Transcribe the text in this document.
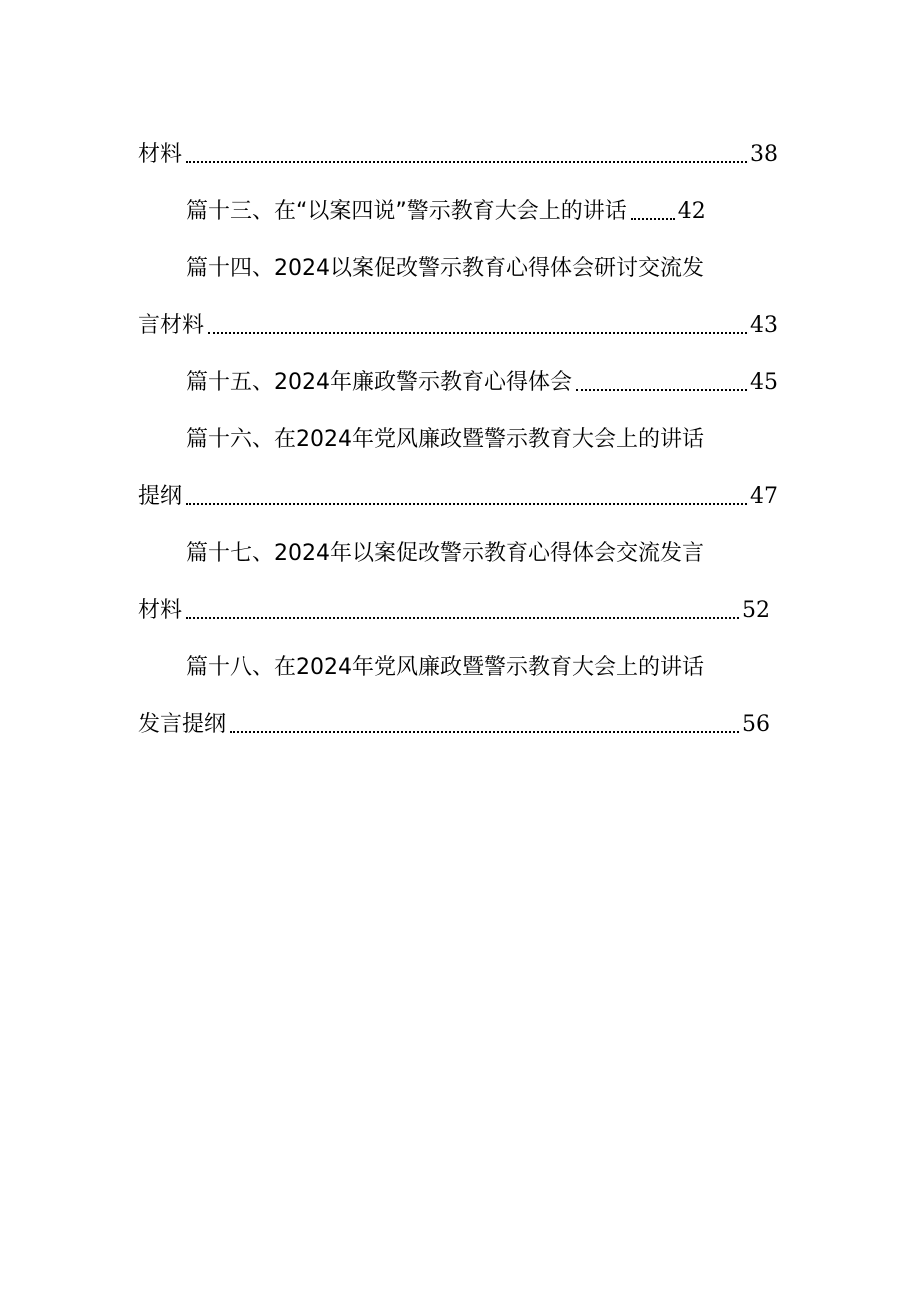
材料	38
篇十三、在“以案四说”警示教育大会上的讲话 42
篇十四、2024以案促改警示教育心得体会研讨交流发
言材料	43
篇十五、2024年廉政警示教育心得体会	45
篇十六、在2024年党风廉政暨警示教育大会上的讲话
提纲	47
篇十七、2024年以案促改警示教育心得体会交流发言
材料	52
篇十八、在2024年党风廉政暨警示教育大会上的讲话
发言提纲	56
